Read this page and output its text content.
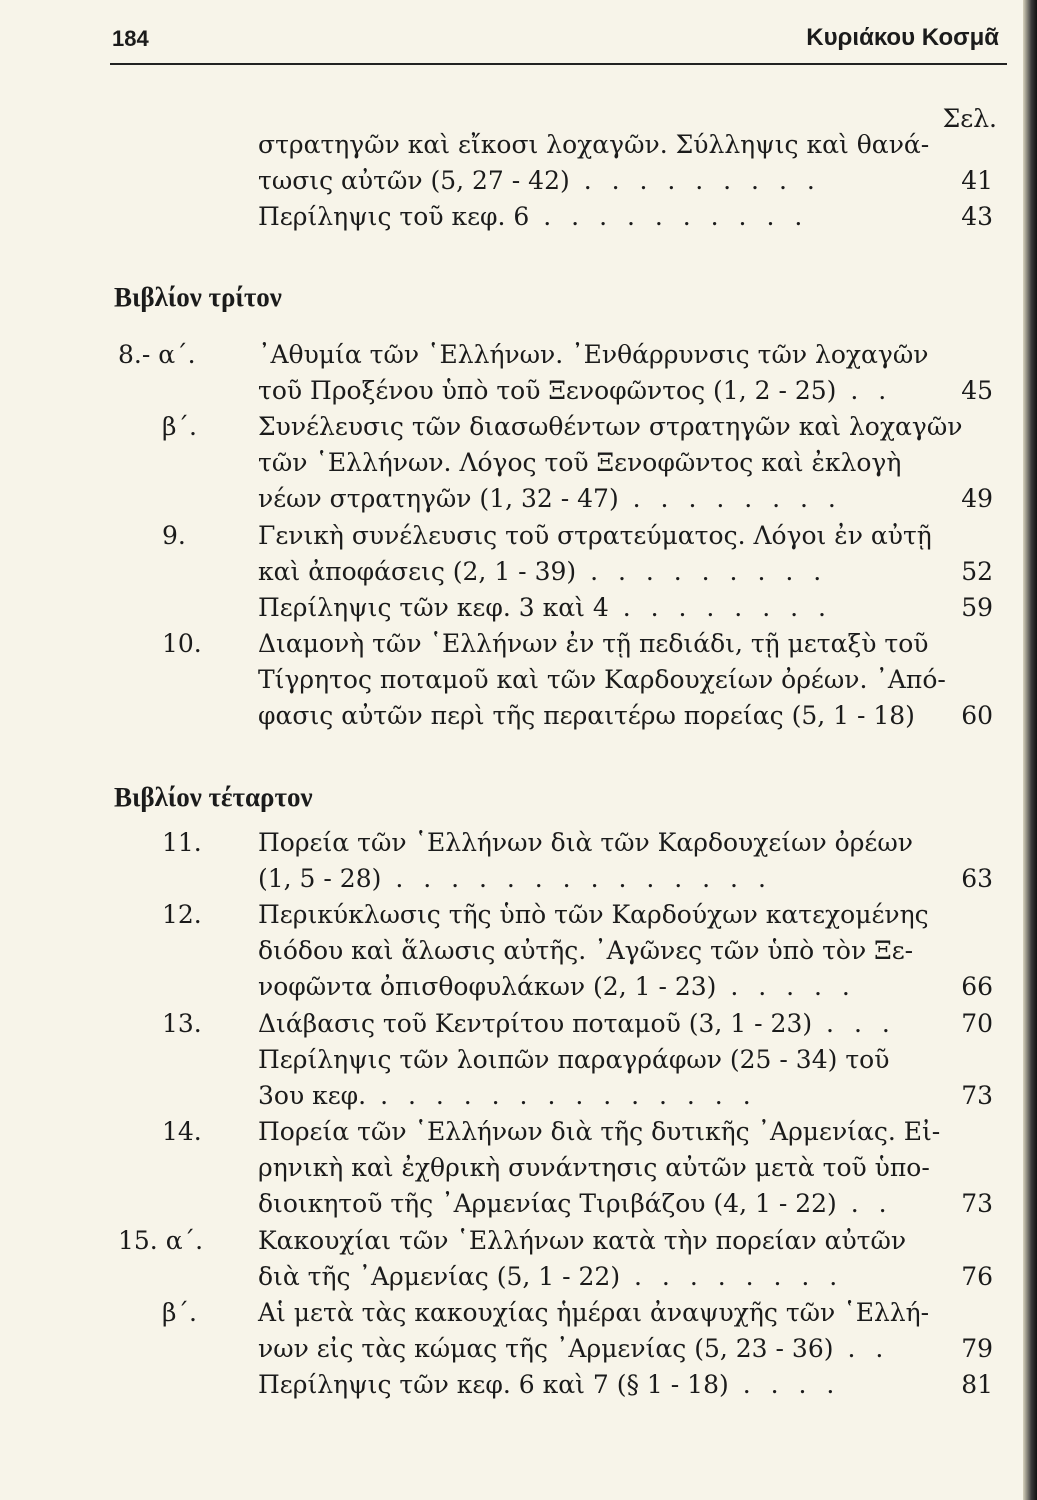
184	Κυριάκου Κοσμᾶ
Σελ.
στρατηγῶν καὶ εἴκοσι λοχαγῶν. Σύλληψις καὶ θανά-
τωσις αὐτῶν (5, 27 - 42) . . . . . . . . .	41
Περίληψις τοῦ κεφ. 6 . . . . . . . . . .	43
Βιβλίον τρίτον
8.- α΄. ᾿Αθυμία τῶν ῾Ελλήνων. ᾿Ενθάρρυνσις τῶν λοχαγῶν
τοῦ Προξένου ὑπὸ τοῦ Ξενοφῶντος (1, 2 - 25) . .	45
β΄. Συνέλευσις τῶν διασωθέντων στρατηγῶν καὶ λοχαγῶν
τῶν ῾Ελλήνων. Λόγος τοῦ Ξενοφῶντος καὶ ἐκλογὴ
νέων στρατηγῶν (1, 32 - 47) . . . . . . . .	49
9.	Γενικὴ συνέλευσις τοῦ στρατεύματος. Λόγοι ἐν αὐτῇ
καὶ ἀποφάσεις (2, 1 - 39) . . . . . . . . .	52
Περίληψις τῶν κεφ. 3 καὶ 4 . . . . . . . .	59
10. Διαμονὴ τῶν ῾Ελλήνων ἐν τῇ πεδιάδι, τῇ μεταξὺ τοῦ
Τίγρητος ποταμοῦ καὶ τῶν Καρδουχείων ὀρέων. ᾿Από-
φασις αὐτῶν περὶ τῆς περαιτέρω πορείας (5, 1 - 18) 60
Βιβλίον τέταρτον
11. Πορεία τῶν ῾Ελλήνων διὰ τῶν Καρδουχείων ὀρέων
(1, 5 - 28) . . . . . . . . . . . . . .	63
12. Περικύκλωσις τῆς ὑπὸ τῶν Καρδούχων κατεχομένης
διόδου καὶ ἅλωσις αὐτῆς. ᾿Αγῶνες τῶν ὑπὸ τὸν Ξε-
νοφῶντα ὀπισθοφυλάκων (2, 1 - 23) . . . . .	66
13. Διάβασις τοῦ Κεντρίτου ποταμοῦ (3, 1 - 23) . . .	70
Περίληψις τῶν λοιπῶν παραγράφων (25 - 34) τοῦ
3ου κεφ. . . . . . . . . . . . . . .	73
14. Πορεία τῶν ῾Ελλήνων διὰ τῆς δυτικῆς ᾿Αρμενίας. Εἰ-
ρηνικὴ καὶ ἐχθρικὴ συνάντησις αὐτῶν μετὰ τοῦ ὑπο-
διοικητοῦ τῆς ᾿Αρμενίας Τιριβάζου (4, 1 - 22) . .	73
15. α΄. Κακουχίαι τῶν ῾Ελλήνων κατὰ τὴν πορείαν αὐτῶν
διὰ τῆς ᾿Αρμενίας (5, 1 - 22) . . . . . . . .	76
β΄. Αἱ μετὰ τὰς κακουχίας ἡμέραι ἀναψυχῆς τῶν ῾Ελλή-
νων εἰς τὰς κώμας τῆς ᾿Αρμενίας (5, 23 - 36) . .	79
Περίληψις τῶν κεφ. 6 καὶ 7 (§ 1 - 18) . . . .	81
